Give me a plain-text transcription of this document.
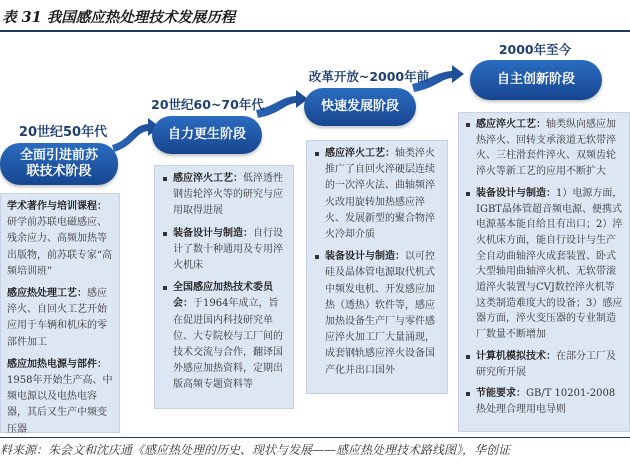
表 31 我国感应热处理技术发展历程
20世纪50年代
全面引进前苏
联技术阶段
学术著作与培训课程：研学前苏联电磁感应、残余应力、高频加热等出版物，前苏联专家“高频培训班”
感应热处理工艺：感应淬火、自回火工艺开始应用于车辆和机床的零部件加工
感应加热电源与部件：1958年开始生产高、中频电源以及电热电容器，其后又生产中频变压器
20世纪60~70年代
自力更生阶段
感应淬火工艺：低淬透性钢齿轮淬火等的研究与应用取得进展
装备设计与制造：自行设计了数十种通用及专用淬火机床
全国感应加热技术委员会：于1964年成立，旨在促进国内科技研究单位、大专院校与工厂间的技术交流与合作，翻译国外感应加热资料，定期出版高频专题资料等
改革开放~2000年前
快速发展阶段
感应淬火工艺：轴类淬火推广了自回火淬硬层连续的一次淬火法、曲轴频淬火改用旋转加热感应淬火、发展新型的聚合物淬火冷却介质
装备设计与制造：以可控硅及晶体管电源取代机式中频发电机、开发感应加热（透热）软件等，感应加热设备生产厂与零件感应淬火加工厂大量涌现，成套钢轨感应淬火设备国产化并出口国外
2000年至今
自主创新阶段
感应淬火工艺：轴类纵向感应加热淬火、回转支承滚道无软带淬火、三柱滑套件淬火、双频齿轮淬火等新工艺的应用不断扩大
装备设计与制造：1）电源方面，IGBT晶体管超音频电源、便携式电源基本能自给且有出口；2）淬火机床方面，能自行设计与生产全自动曲轴淬火成套装置、卧式大型轴用曲轴淬火机、无软带滚道淬火装置与CVJ数控淬火机等这类制造难度大的设备；3）感应器方面，淬火变压器的专业制造厂数量不断增加
计算机模拟技术：在部分工厂及研究所开展
节能要求：GB/T 10201-2008热处理合理用电导则
料来源：朱会文和沈庆通《感应热处理的历史、现状与发展——感应热处理技术路线图》，华创证
